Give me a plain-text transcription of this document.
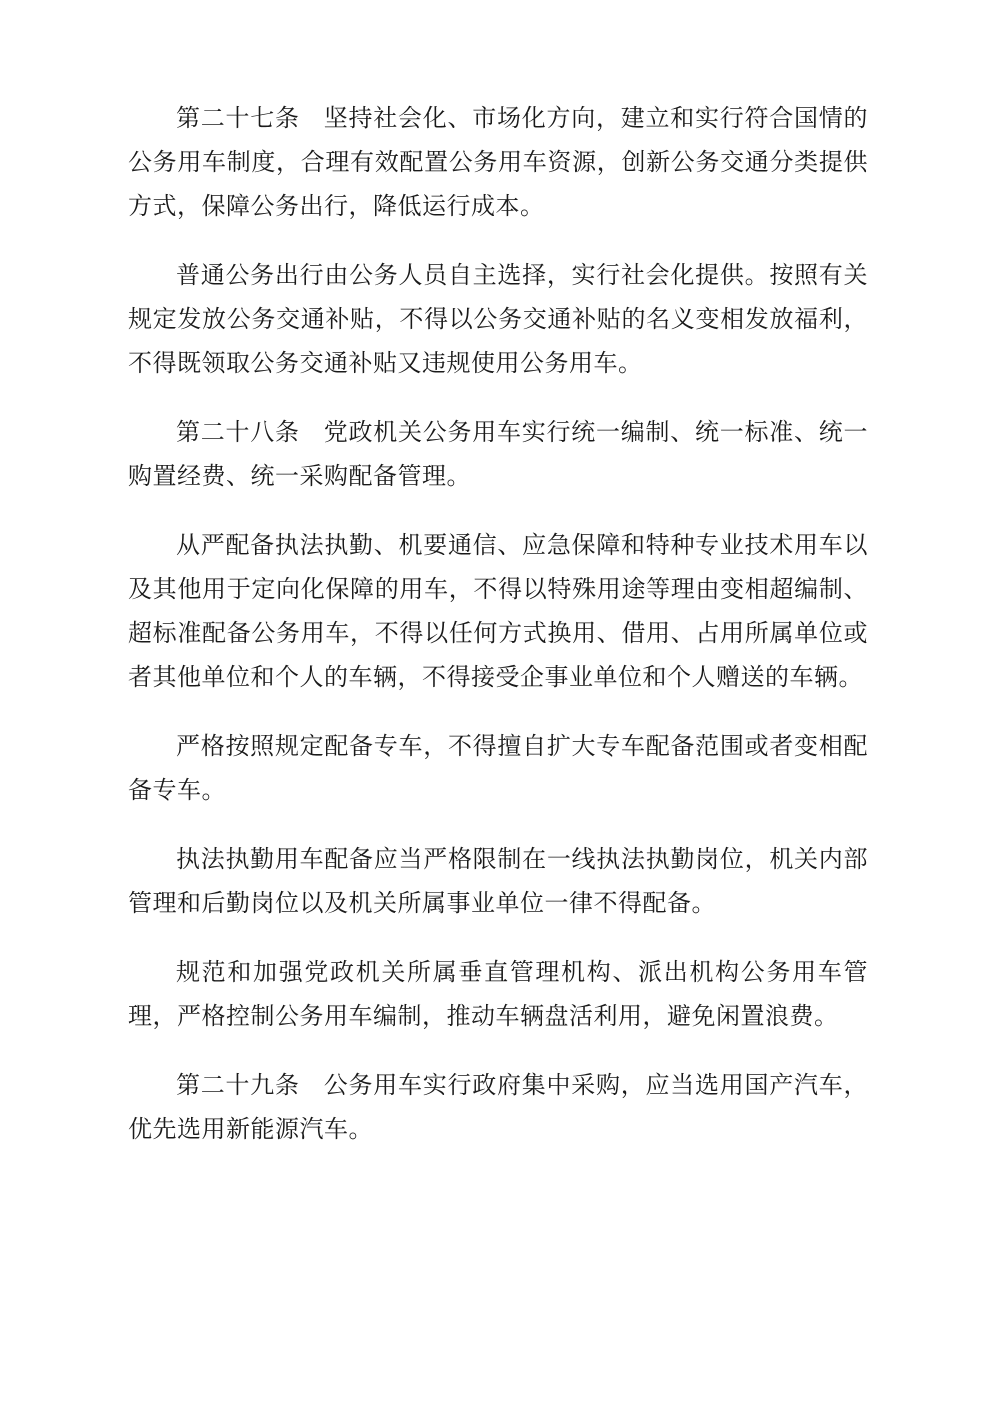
第二十七条 坚持社会化、市场化方向，建立和实行符合国情的公务用车制度，合理有效配置公务用车资源，创新公务交通分类提供方式，保障公务出行，降低运行成本。

普通公务出行由公务人员自主选择，实行社会化提供。按照有关规定发放公务交通补贴，不得以公务交通补贴的名义变相发放福利，不得既领取公务交通补贴又违规使用公务用车。

第二十八条 党政机关公务用车实行统一编制、统一标准、统一购置经费、统一采购配备管理。

从严配备执法执勤、机要通信、应急保障和特种专业技术用车以及其他用于定向化保障的用车，不得以特殊用途等理由变相超编制、超标准配备公务用车，不得以任何方式换用、借用、占用所属单位或者其他单位和个人的车辆，不得接受企事业单位和个人赠送的车辆。

严格按照规定配备专车，不得擅自扩大专车配备范围或者变相配备专车。

执法执勤用车配备应当严格限制在一线执法执勤岗位，机关内部管理和后勤岗位以及机关所属事业单位一律不得配备。

规范和加强党政机关所属垂直管理机构、派出机构公务用车管理，严格控制公务用车编制，推动车辆盘活利用，避免闲置浪费。

第二十九条 公务用车实行政府集中采购，应当选用国产汽车，优先选用新能源汽车。
